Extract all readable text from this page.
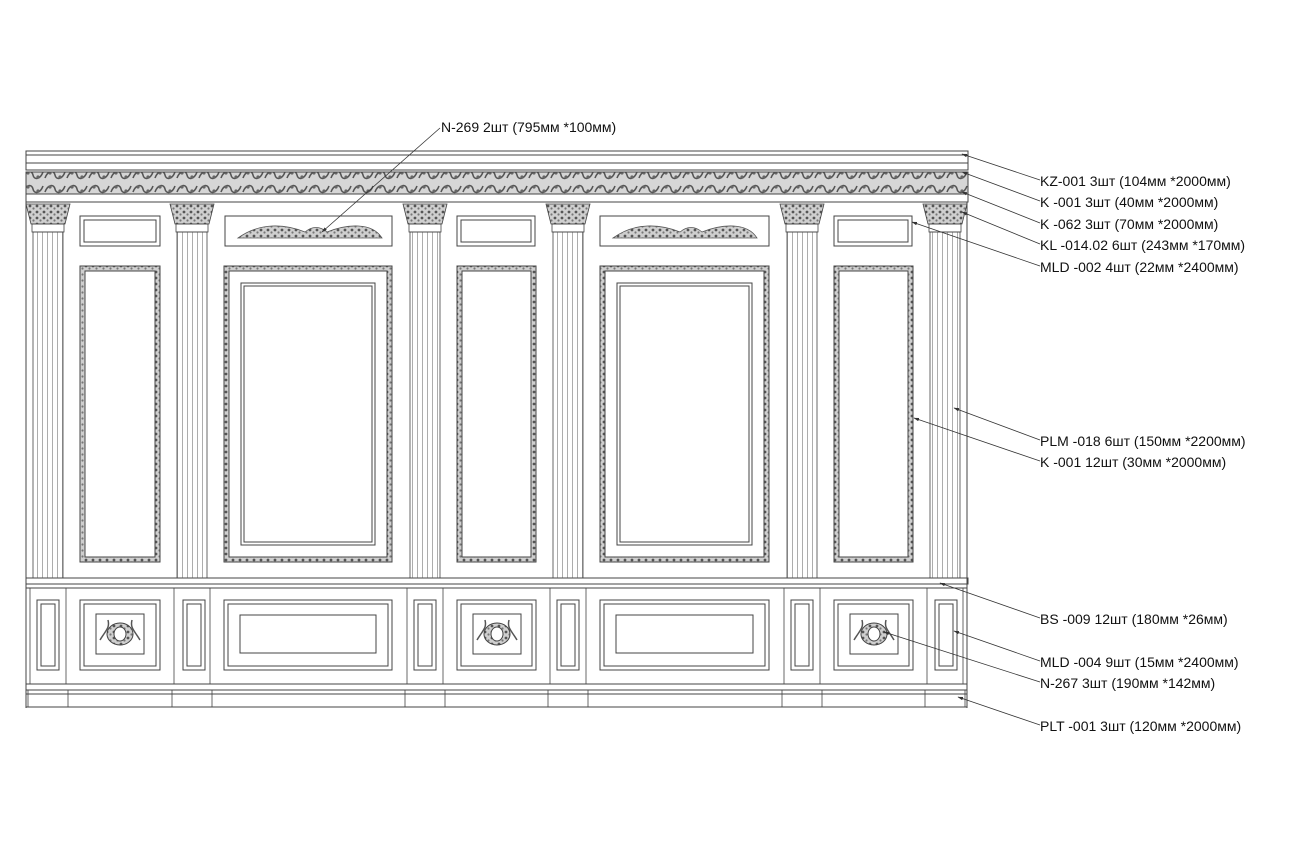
N-269 2шт (795мм *100мм)
KZ-001 3шт (104мм *2000мм)
K -001 3шт (40мм *2000мм)
K -062 3шт (70мм *2000мм)
KL -014.02 6шт (243мм *170мм)
MLD -002 4шт (22мм *2400мм)
PLM -018 6шт (150мм *2200мм)
K -001 12шт (30мм *2000мм)
BS -009 12шт (180мм *26мм)
MLD -004 9шт (15мм *2400мм)
N-267 3шт (190мм *142мм)
PLT -001 3шт (120мм *2000мм)
